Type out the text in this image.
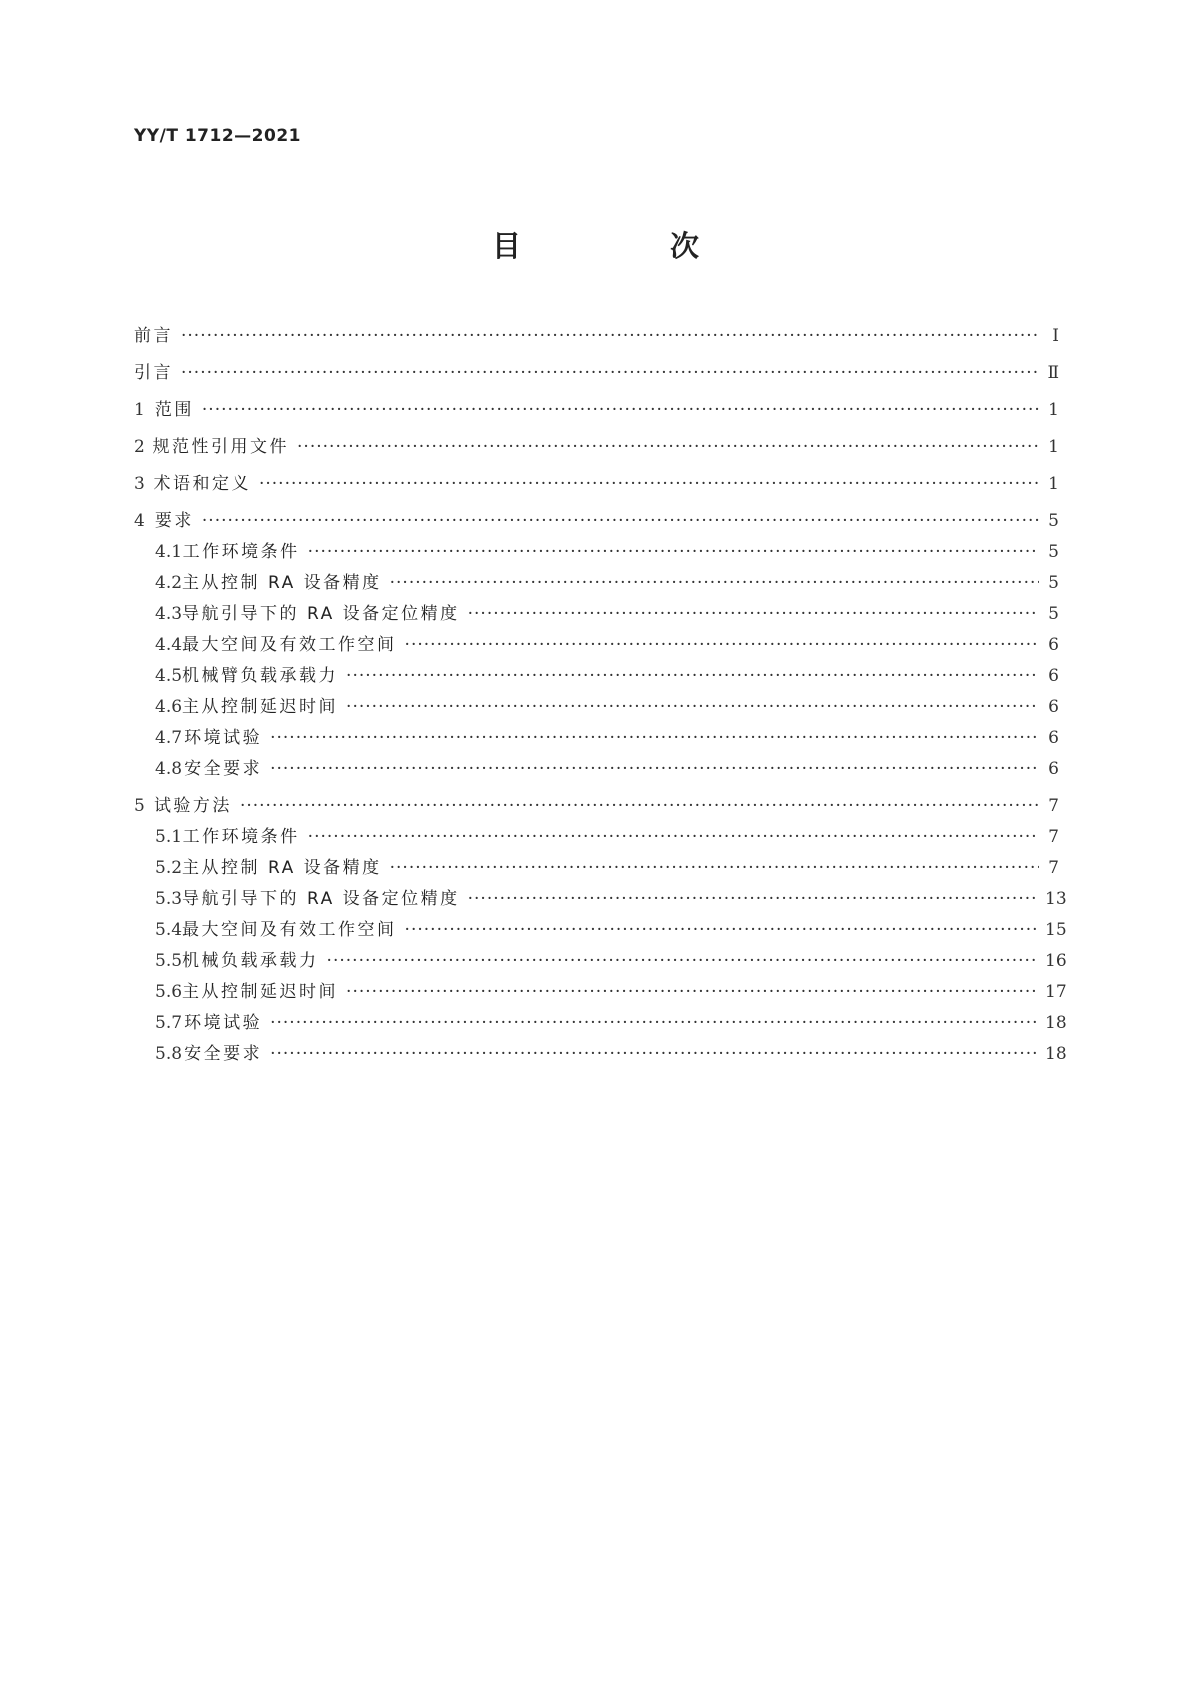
YY/T 1712—2021
目　次
前言 ·····	Ⅰ
引言 ·····	Ⅱ
1 范围 ·····	1
2 规范性引用文件 ·····	1
3 术语和定义 ·····	1
4 要求 ·····	5
4.1 工作环境条件 ·····	5
4.2 主从控制 RA 设备精度 ·····	5
4.3 导航引导下的 RA 设备定位精度 ·····	5
4.4 最大空间及有效工作空间 ·····	6
4.5 机械臂负载承载力 ·····	6
4.6 主从控制延迟时间 ·····	6
4.7 环境试验 ·····	6
4.8 安全要求 ·····	6
5 试验方法 ·····	7
5.1 工作环境条件 ·····	7
5.2 主从控制 RA 设备精度 ·····	7
5.3 导航引导下的 RA 设备定位精度 ·····	13
5.4 最大空间及有效工作空间 ·····	15
5.5 机械负载承载力 ·····	16
5.6 主从控制延迟时间 ·····	17
5.7 环境试验 ·····	18
5.8 安全要求 ·····	18
